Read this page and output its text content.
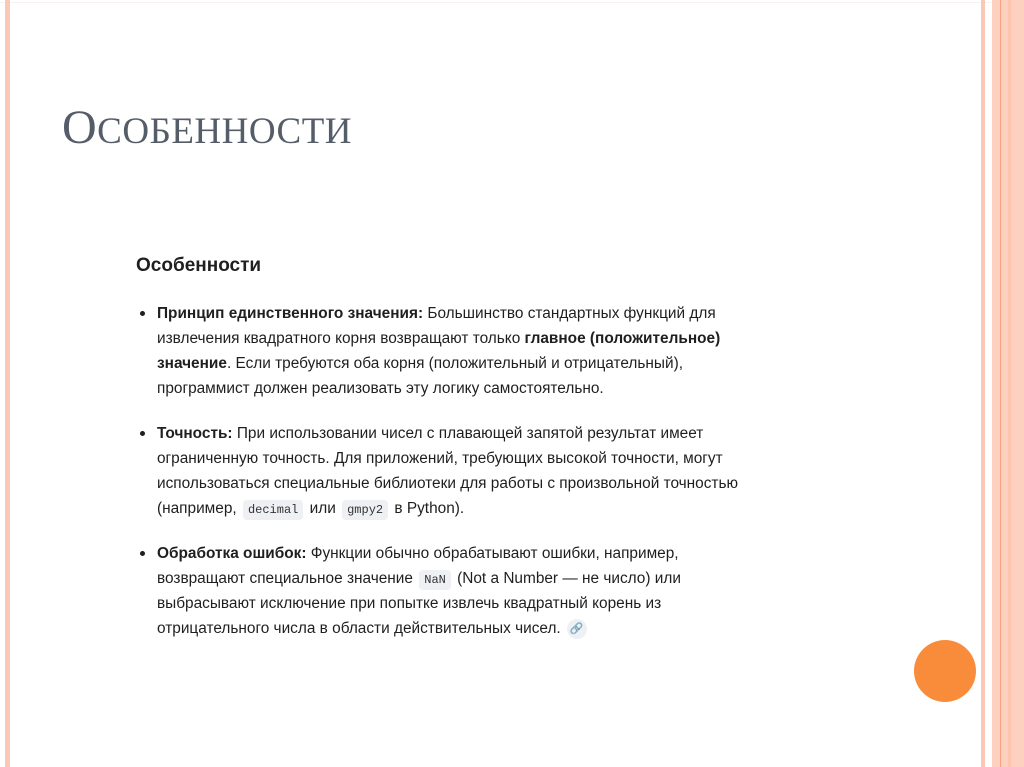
ОСОБЕННОСТИ
Особенности
Принцип единственного значения: Большинство стандартных функций для
извлечения квадратного корня возвращают только главное (положительное)
значение. Если требуются оба корня (положительный и отрицательный),
программист должен реализовать эту логику самостоятельно.
Точность: При использовании чисел с плавающей запятой результат имеет
ограниченную точность. Для приложений, требующих высокой точности, могут
использоваться специальные библиотеки для работы с произвольной точностью
(например, decimal или gmpy2 в Python).
Обработка ошибок: Функции обычно обрабатывают ошибки, например,
возвращают специальное значение NaN (Not a Number — не число) или
выбрасывают исключение при попытке извлечь квадратный корень из
отрицательного числа в области действительных чисел. 🔗
